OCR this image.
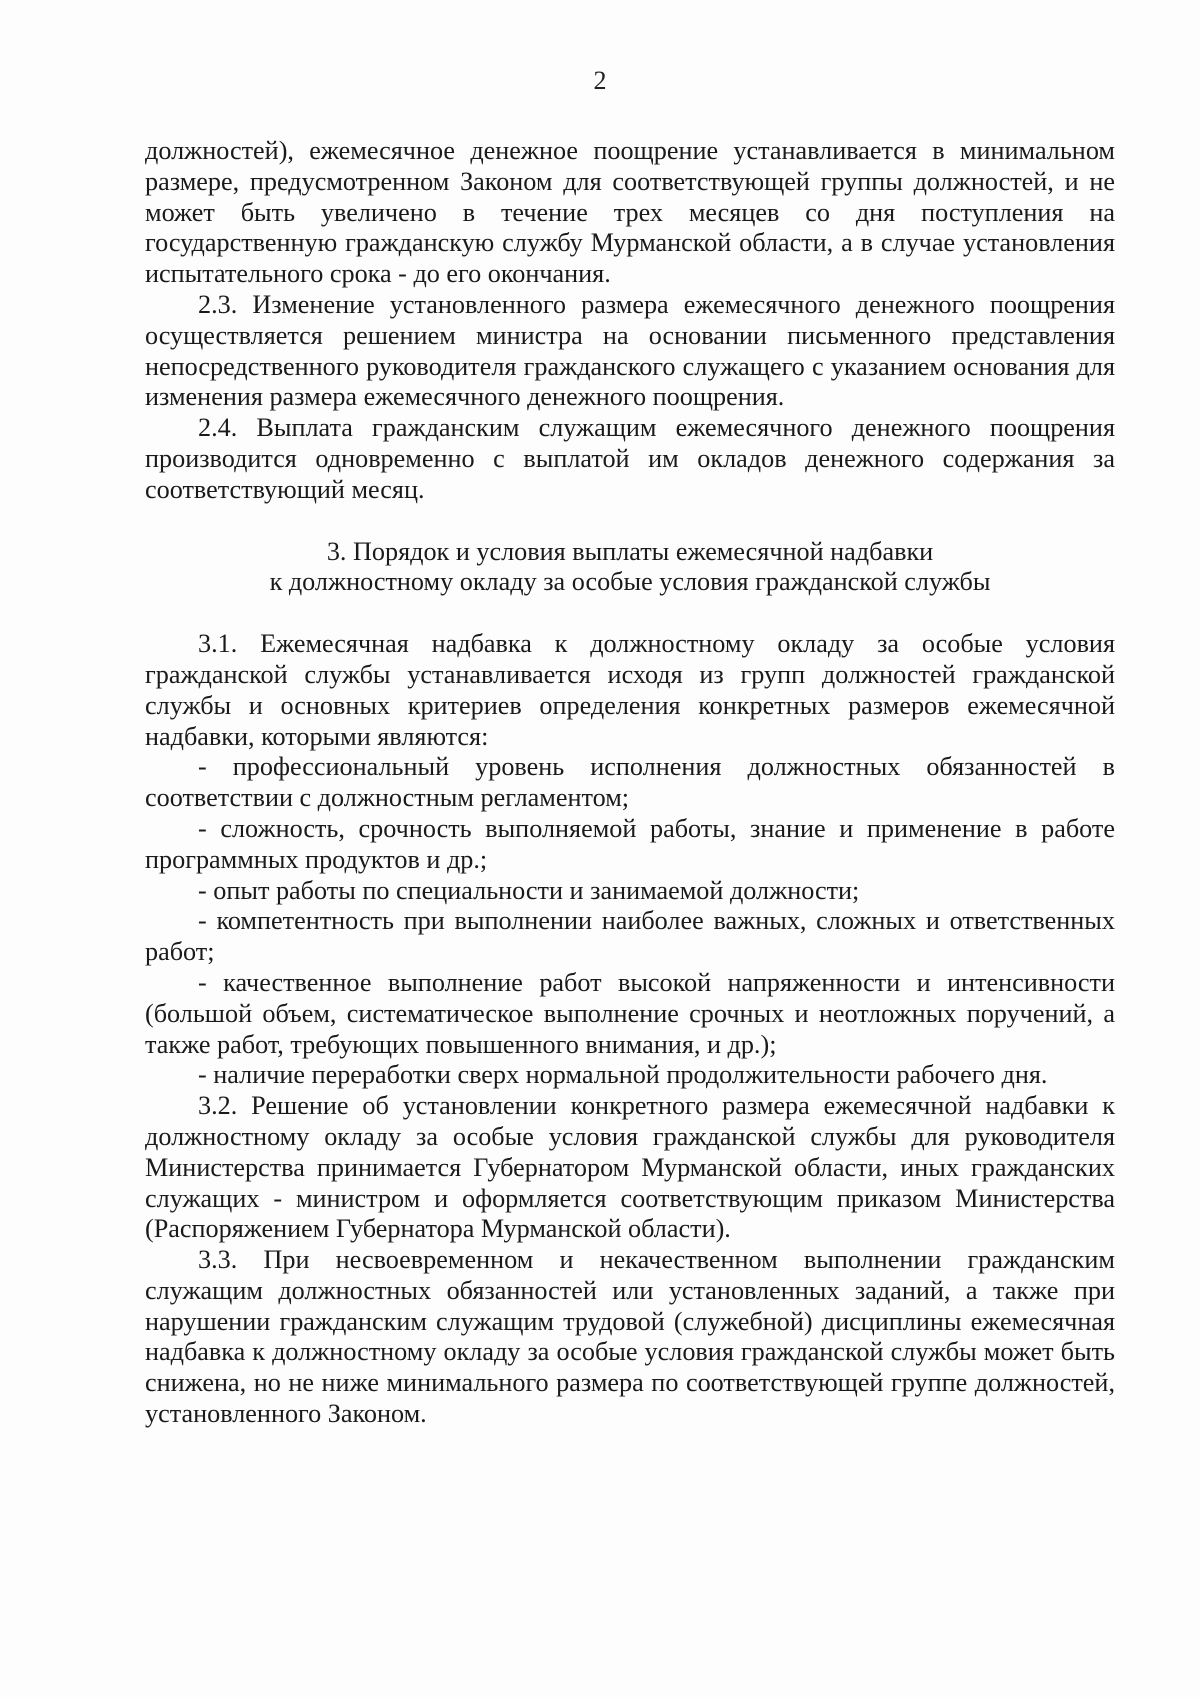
2

должностей), ежемесячное денежное поощрение устанавливается в минимальном размере, предусмотренном Законом для соответствующей группы должностей, и не может быть увеличено в течение трех месяцев со дня поступления на государственную гражданскую службу Мурманской области, а в случае установления испытательного срока - до его окончания.

2.3. Изменение установленного размера ежемесячного денежного поощрения осуществляется решением министра на основании письменного представления непосредственного руководителя гражданского служащего с указанием основания для изменения размера ежемесячного денежного поощрения.

2.4. Выплата гражданским служащим ежемесячного денежного поощрения производится одновременно с выплатой им окладов денежного содержания за соответствующий месяц.

3. Порядок и условия выплаты ежемесячной надбавки
к должностному окладу за особые условия гражданской службы

3.1. Ежемесячная надбавка к должностному окладу за особые условия гражданской службы устанавливается исходя из групп должностей гражданской службы и основных критериев определения конкретных размеров ежемесячной надбавки, которыми являются:

- профессиональный уровень исполнения должностных обязанностей в соответствии с должностным регламентом;

- сложность, срочность выполняемой работы, знание и применение в работе программных продуктов и др.;

- опыт работы по специальности и занимаемой должности;

- компетентность при выполнении наиболее важных, сложных и ответственных работ;

- качественное выполнение работ высокой напряженности и интенсивности (большой объем, систематическое выполнение срочных и неотложных поручений, а также работ, требующих повышенного внимания, и др.);

- наличие переработки сверх нормальной продолжительности рабочего дня.

3.2. Решение об установлении конкретного размера ежемесячной надбавки к должностному окладу за особые условия гражданской службы для руководителя Министерства принимается Губернатором Мурманской области, иных гражданских служащих - министром и оформляется соответствующим приказом Министерства (Распоряжением Губернатора Мурманской области).

3.3. При несвоевременном и некачественном выполнении гражданским служащим должностных обязанностей или установленных заданий, а также при нарушении гражданским служащим трудовой (служебной) дисциплины ежемесячная надбавка к должностному окладу за особые условия гражданской службы может быть снижена, но не ниже минимального размера по соответствующей группе должностей, установленного Законом.
